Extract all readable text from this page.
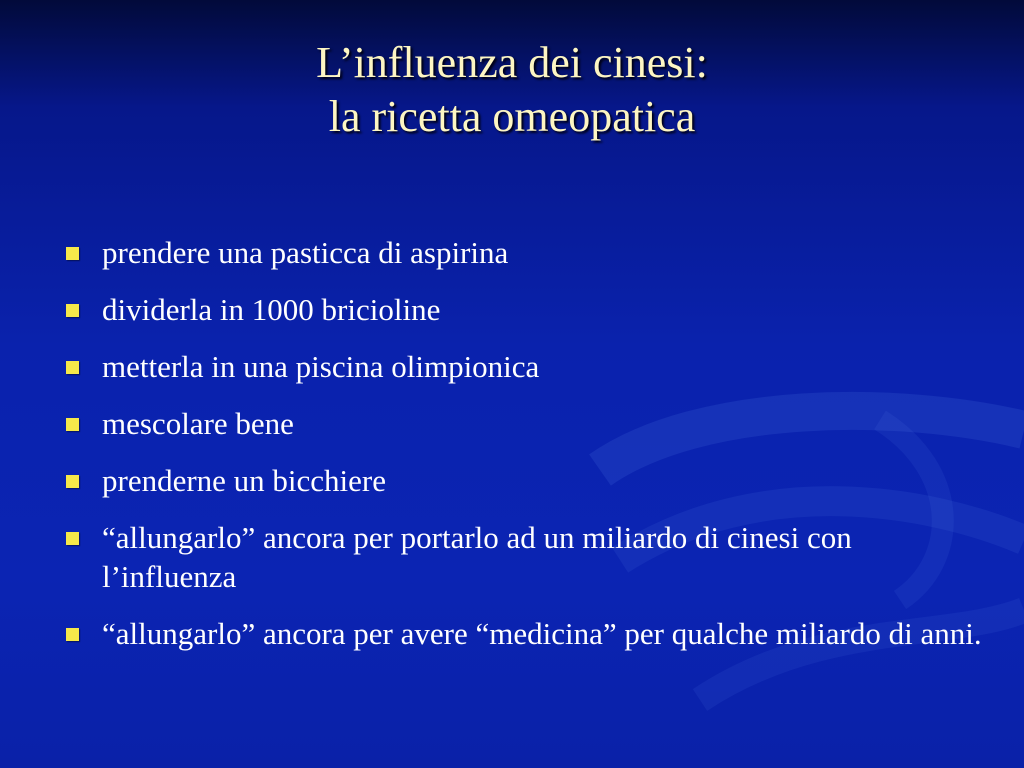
L’influenza dei cinesi:
la ricetta omeopatica
prendere una pasticca di aspirina
dividerla in 1000 bricioline
metterla in una piscina olimpionica
mescolare bene
prenderne un bicchiere
“allungarlo” ancora per portarlo ad un miliardo di cinesi con l’influenza
“allungarlo” ancora per avere “medicina” per qualche miliardo di anni.
